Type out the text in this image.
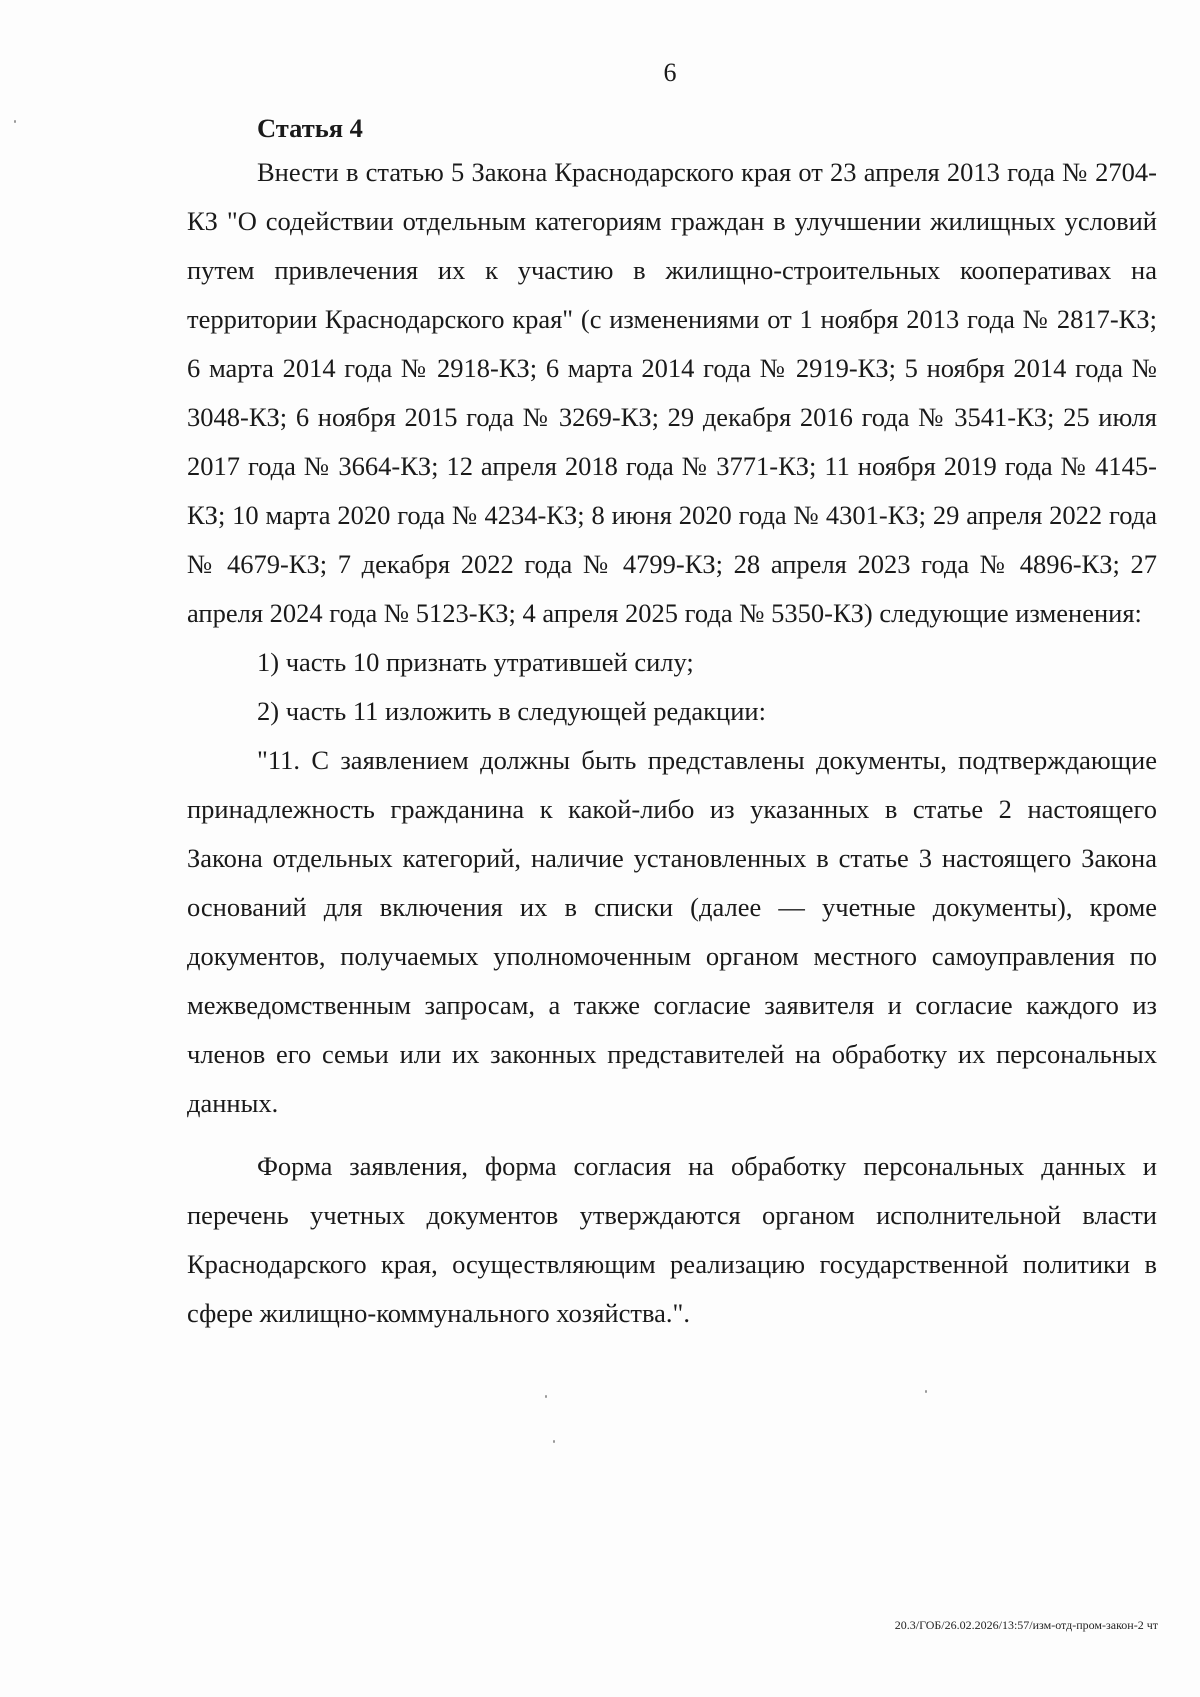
6

Статья 4

Внести в статью 5 Закона Краснодарского края от 23 апреля 2013 года № 2704-КЗ "О содействии отдельным категориям граждан в улучшении жилищных условий путем привлечения их к участию в жилищно-строительных кооперативах на территории Краснодарского края" (с изменениями от 1 ноября 2013 года № 2817-КЗ; 6 марта 2014 года № 2918-КЗ; 6 марта 2014 года № 2919-КЗ; 5 ноября 2014 года № 3048-КЗ; 6 ноября 2015 года № 3269-КЗ; 29 декабря 2016 года № 3541-КЗ; 25 июля 2017 года № 3664-КЗ; 12 апреля 2018 года № 3771-КЗ; 11 ноября 2019 года № 4145-КЗ; 10 марта 2020 года № 4234-КЗ; 8 июня 2020 года № 4301-КЗ; 29 апреля 2022 года № 4679-КЗ; 7 декабря 2022 года № 4799-КЗ; 28 апреля 2023 года № 4896-КЗ; 27 апреля 2024 года № 5123-КЗ; 4 апреля 2025 года № 5350-КЗ) следующие изменения:

1) часть 10 признать утратившей силу;

2) часть 11 изложить в следующей редакции:

"11. С заявлением должны быть представлены документы, подтверждающие принадлежность гражданина к какой-либо из указанных в статье 2 настоящего Закона отдельных категорий, наличие установленных в статье 3 настоящего Закона оснований для включения их в списки (далее — учетные документы), кроме документов, получаемых уполномоченным органом местного самоуправления по межведомственным запросам, а также согласие заявителя и согласие каждого из членов его семьи или их законных представителей на обработку их персональных данных.

Форма заявления, форма согласия на обработку персональных данных и перечень учетных документов утверждаются органом исполнительной власти Краснодарского края, осуществляющим реализацию государственной политики в сфере жилищно-коммунального хозяйства.".

20.3/ГОБ/26.02.2026/13:57/изм-отд-пром-закон-2 чт
